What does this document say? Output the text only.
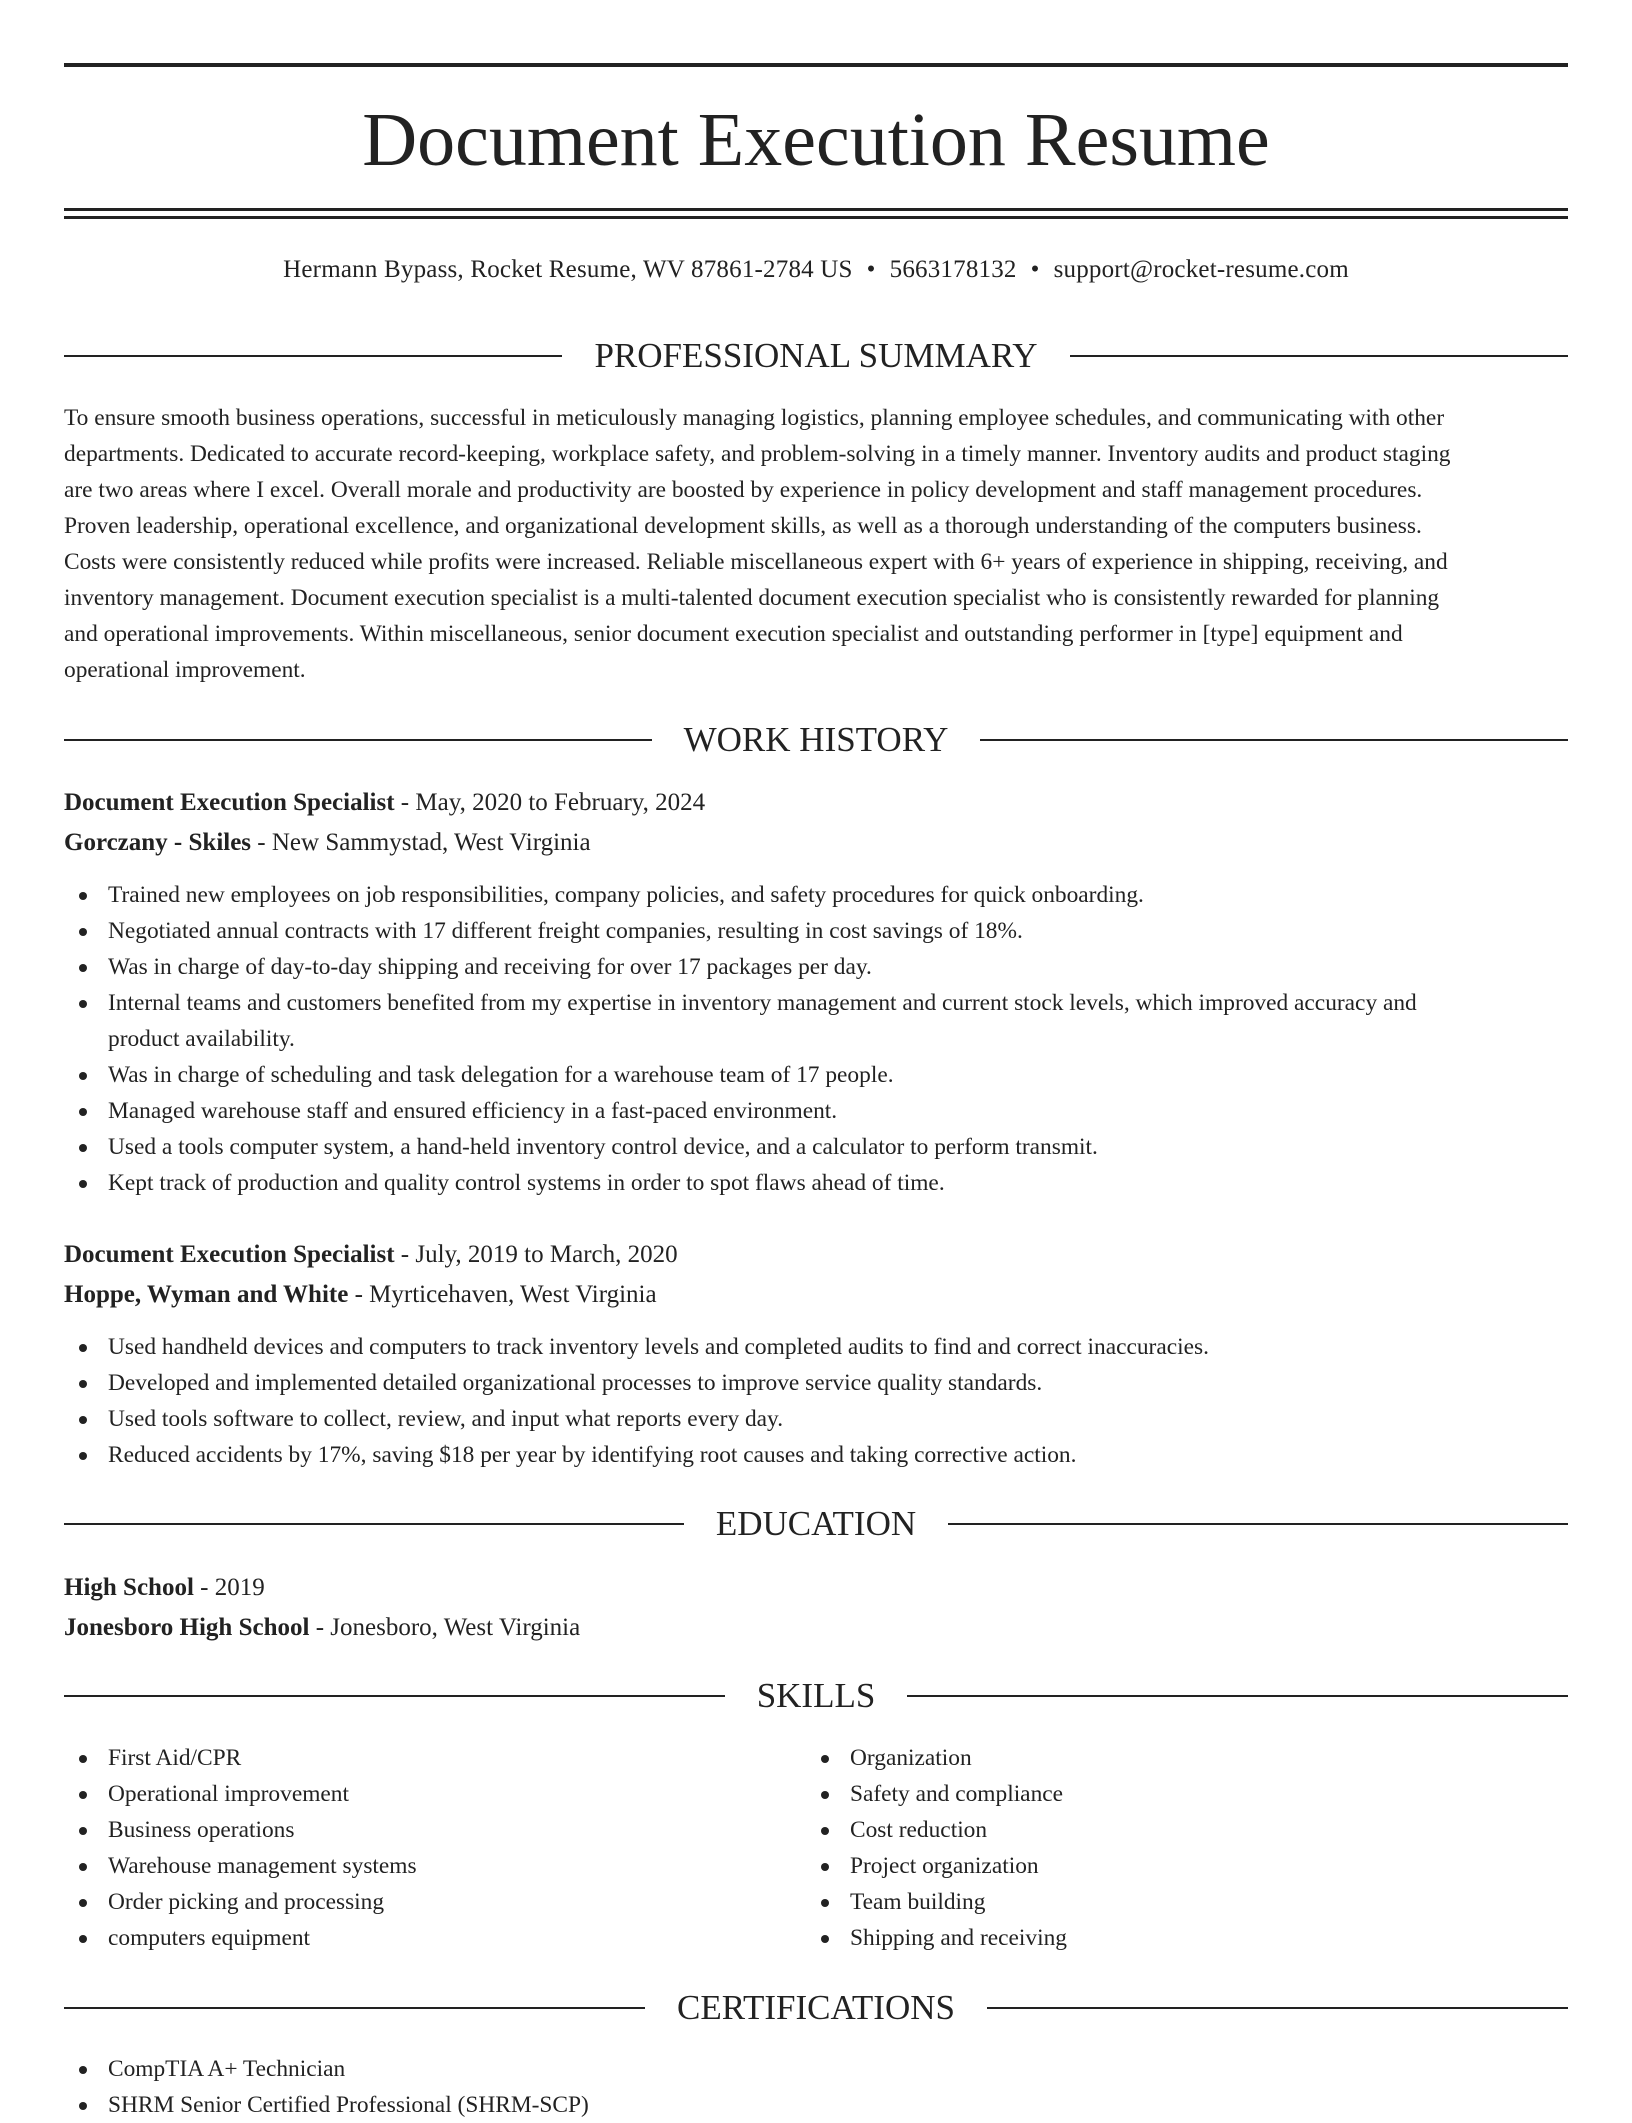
Document Execution Resume
Hermann Bypass, Rocket Resume, WV 87861-2784 US • 5663178132 • support@rocket-resume.com
PROFESSIONAL SUMMARY
To ensure smooth business operations, successful in meticulously managing logistics, planning employee schedules, and communicating with other
departments. Dedicated to accurate record-keeping, workplace safety, and problem-solving in a timely manner. Inventory audits and product staging
are two areas where I excel. Overall morale and productivity are boosted by experience in policy development and staff management procedures.
Proven leadership, operational excellence, and organizational development skills, as well as a thorough understanding of the computers business.
Costs were consistently reduced while profits were increased. Reliable miscellaneous expert with 6+ years of experience in shipping, receiving, and
inventory management. Document execution specialist is a multi-talented document execution specialist who is consistently rewarded for planning
and operational improvements. Within miscellaneous, senior document execution specialist and outstanding performer in [type] equipment and
operational improvement.
WORK HISTORY
Document Execution Specialist - May, 2020 to February, 2024
Gorczany - Skiles - New Sammystad, West Virginia
Trained new employees on job responsibilities, company policies, and safety procedures for quick onboarding.
Negotiated annual contracts with 17 different freight companies, resulting in cost savings of 18%.
Was in charge of day-to-day shipping and receiving for over 17 packages per day.
Internal teams and customers benefited from my expertise in inventory management and current stock levels, which improved accuracy and
product availability.
Was in charge of scheduling and task delegation for a warehouse team of 17 people.
Managed warehouse staff and ensured efficiency in a fast-paced environment.
Used a tools computer system, a hand-held inventory control device, and a calculator to perform transmit.
Kept track of production and quality control systems in order to spot flaws ahead of time.
Document Execution Specialist - July, 2019 to March, 2020
Hoppe, Wyman and White - Myrticehaven, West Virginia
Used handheld devices and computers to track inventory levels and completed audits to find and correct inaccuracies.
Developed and implemented detailed organizational processes to improve service quality standards.
Used tools software to collect, review, and input what reports every day.
Reduced accidents by 17%, saving $18 per year by identifying root causes and taking corrective action.
EDUCATION
High School - 2019
Jonesboro High School - Jonesboro, West Virginia
SKILLS
First Aid/CPR
Operational improvement
Business operations
Warehouse management systems
Order picking and processing
computers equipment
Organization
Safety and compliance
Cost reduction
Project organization
Team building
Shipping and receiving
CERTIFICATIONS
CompTIA A+ Technician
SHRM Senior Certified Professional (SHRM-SCP)
